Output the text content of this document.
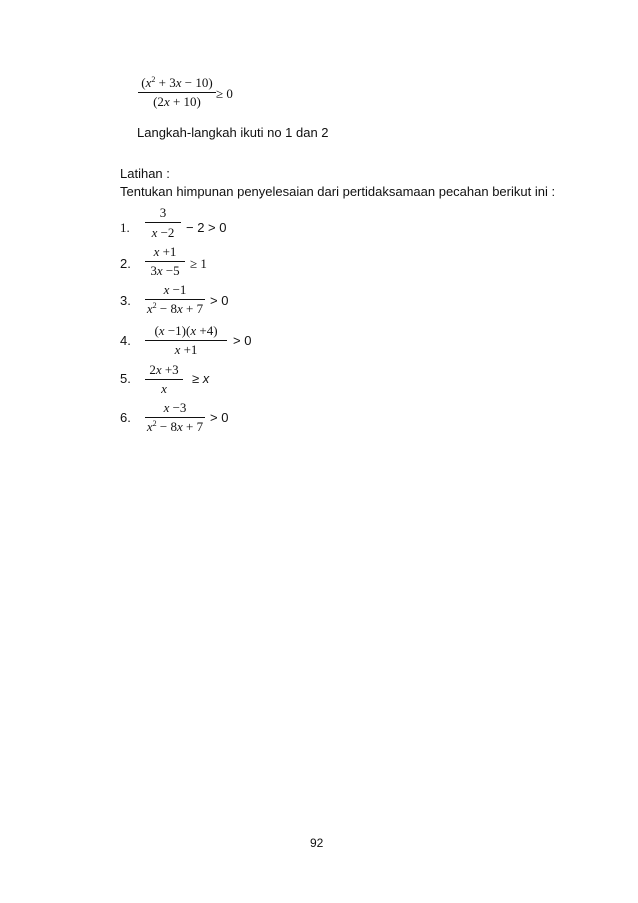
$(x^2 + 3x - 10)$
(2x + 10)
≥ 0
Langkah-langkah ikuti no 1 dan 2
Latihan :
Tentukan himpunan penyelesaian dari pertidaksamaan pecahan berikut ini :
1.
3
x −2 − 2 > 0
2.
x +1
3x −5 ≥ 1
3.
x −1
$x^2 - 8x + 7$
> 0
4.
(x −1)(x +4)
x +1
> 0
5.
2x +3
x
≥ x
6.
x −3
$x^2 - 8x + 7$
> 0
92
